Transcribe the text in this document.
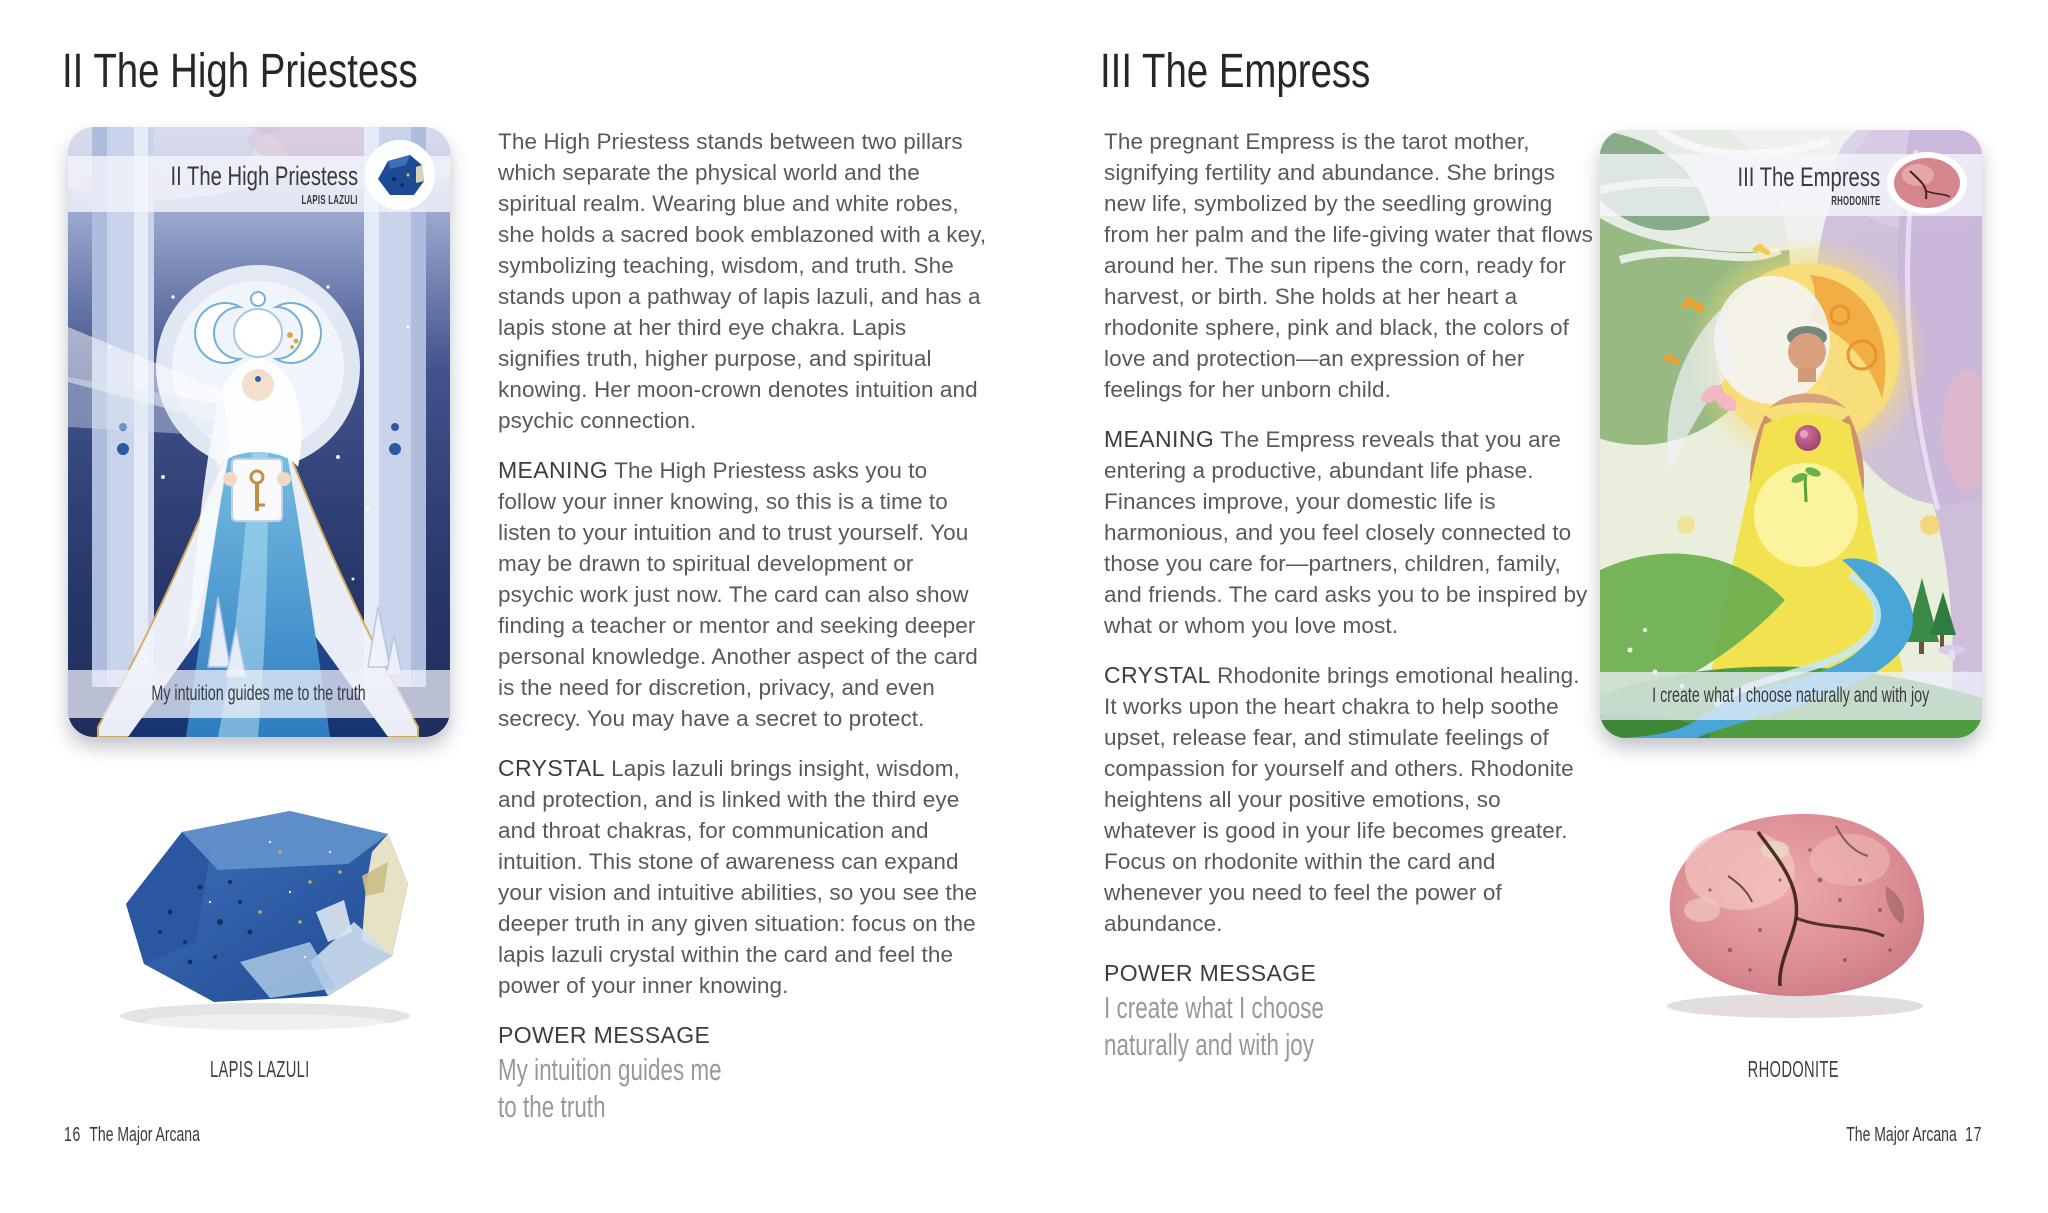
II The High Priestess
II The High Priestess
LAPIS LAZULI
My intuition guides me to the truth

The High Priestess stands between two pillars which separate the physical world and the spiritual realm. Wearing blue and white robes, she holds a sacred book emblazoned with a key, symbolizing teaching, wisdom, and truth. She stands upon a pathway of lapis lazuli, and has a lapis stone at her third eye chakra. Lapis signifies truth, higher purpose, and spiritual knowing. Her moon-crown denotes intuition and psychic connection.

MEANING The High Priestess asks you to follow your inner knowing, so this is a time to listen to your intuition and to trust yourself. You may be drawn to spiritual development or psychic work just now. The card can also show finding a teacher or mentor and seeking deeper personal knowledge. Another aspect of the card is the need for discretion, privacy, and even secrecy. You may have a secret to protect.

CRYSTAL Lapis lazuli brings insight, wisdom, and protection, and is linked with the third eye and throat chakras, for communication and intuition. This stone of awareness can expand your vision and intuitive abilities, so you see the deeper truth in any given situation: focus on the lapis lazuli crystal within the card and feel the power of your inner knowing.

POWER MESSAGE My intuition guides me
to the truth

LAPIS LAZULI
16 The Major Arcana
III The Empress

The pregnant Empress is the tarot mother, signifying fertility and abundance. She brings new life, symbolized by the seedling growing from her palm and the life-giving water that flows around her. The sun ripens the corn, ready for harvest, or birth. She holds at her heart a rhodonite sphere, pink and black, the colors of love and protection—an expression of her feelings for her unborn child.

MEANING The Empress reveals that you are entering a productive, abundant life phase. Finances improve, your domestic life is harmonious, and you feel closely connected to those you care for—partners, children, family, and friends. The card asks you to be inspired by what or whom you love most.

CRYSTAL Rhodonite brings emotional healing. It works upon the heart chakra to help soothe upset, release fear, and stimulate feelings of compassion for yourself and others. Rhodonite heightens all your positive emotions, so whatever is good in your life becomes greater. Focus on rhodonite within the card and whenever you need to feel the power of abundance.

POWER MESSAGE I create what I choose
naturally and with joy

III The Empress
RHODONITE
I create what I choose naturally and with joy
RHODONITE
The Major Arcana 17
